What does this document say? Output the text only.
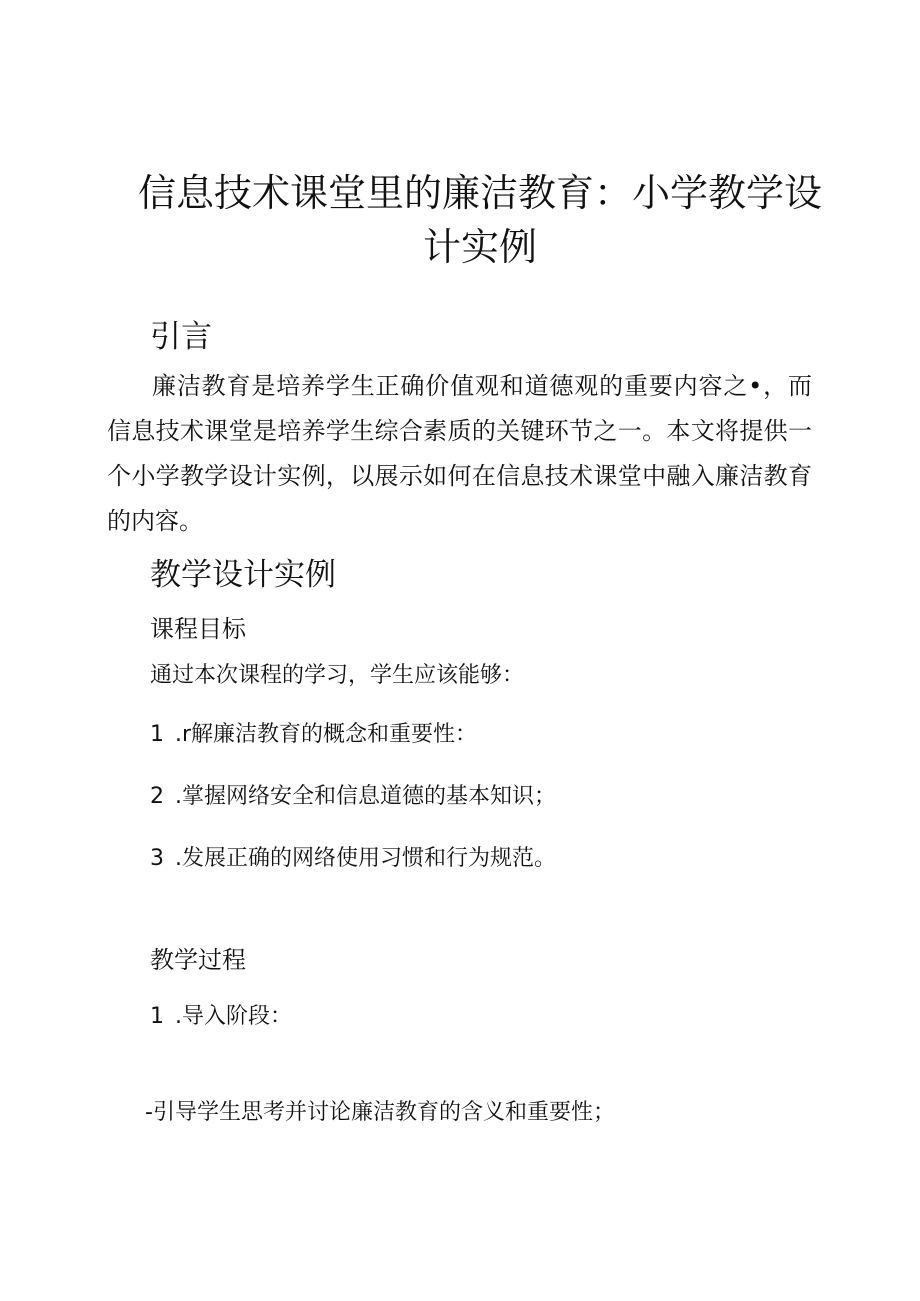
信息技术课堂里的廉洁教育：小学教学设计实例
引言

廉洁教育是培养学生正确价值观和道德观的重要内容之•，而信息技术课堂是培养学生综合素质的关键环节之一。本文将提供一个小学教学设计实例，以展示如何在信息技术课堂中融入廉洁教育的内容。

教学设计实例
课程目标

通过本次课程的学习，学生应该能够：

1 .r解廉洁教育的概念和重要性：

2 .掌握网络安全和信息道德的基本知识；

3 .发展正确的网络使用习惯和行为规范。

教学过程

1 .导入阶段：

-引导学生思考并讨论廉洁教育的含义和重要性；
